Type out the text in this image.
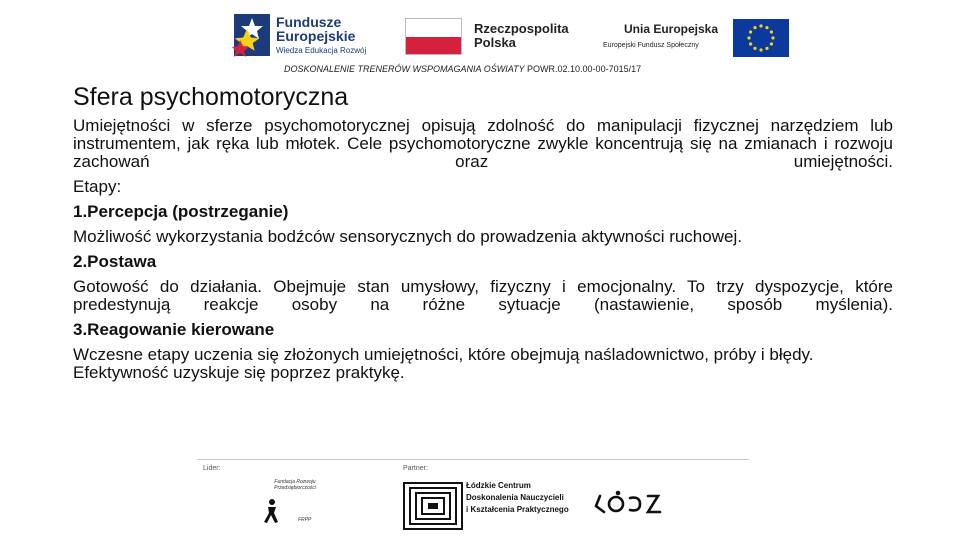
Fundusze
Europejskie
Wiedza Edukacja Rozwój
Rzeczpospolita
Polska
Unia Europejska
Europejski Fundusz Społeczny
DOSKONALENIE TRENERÓW WSPOMAGANIA OŚWIATY POWR.02.10.00-00-7015/17
Sfera psychomotoryczna

Umiejętności w sferze psychomotorycznej opisują zdolność do manipulacji fizycznej narzędziem lub instrumentem, jak ręka lub młotek. Cele psychomotoryczne zwykle koncentrują się na zmianach i rozwoju zachowań oraz umiejętności.

Etapy:

1.Percepcja (postrzeganie)

Możliwość wykorzystania bodźców sensorycznych do prowadzenia aktywności ruchowej.

2.Postawa

Gotowość do działania. Obejmuje stan umysłowy, fizyczny i emocjonalny. To trzy dyspozycje, które predestynują reakcje osoby na różne sytuacje (nastawienie, sposób myślenia).

3.Reagowanie kierowane

Wczesne etapy uczenia się złożonych umiejętności, które obejmują naśladownictwo, próby i błędy. Efektywność uzyskuje się poprzez praktykę.

Lider:	Partner:
Fundacja Rozwoju
Przedsiębiorczości
FRPP
Łódzkie Centrum
Doskonalenia Nauczycieli
i Kształcenia Praktycznego
